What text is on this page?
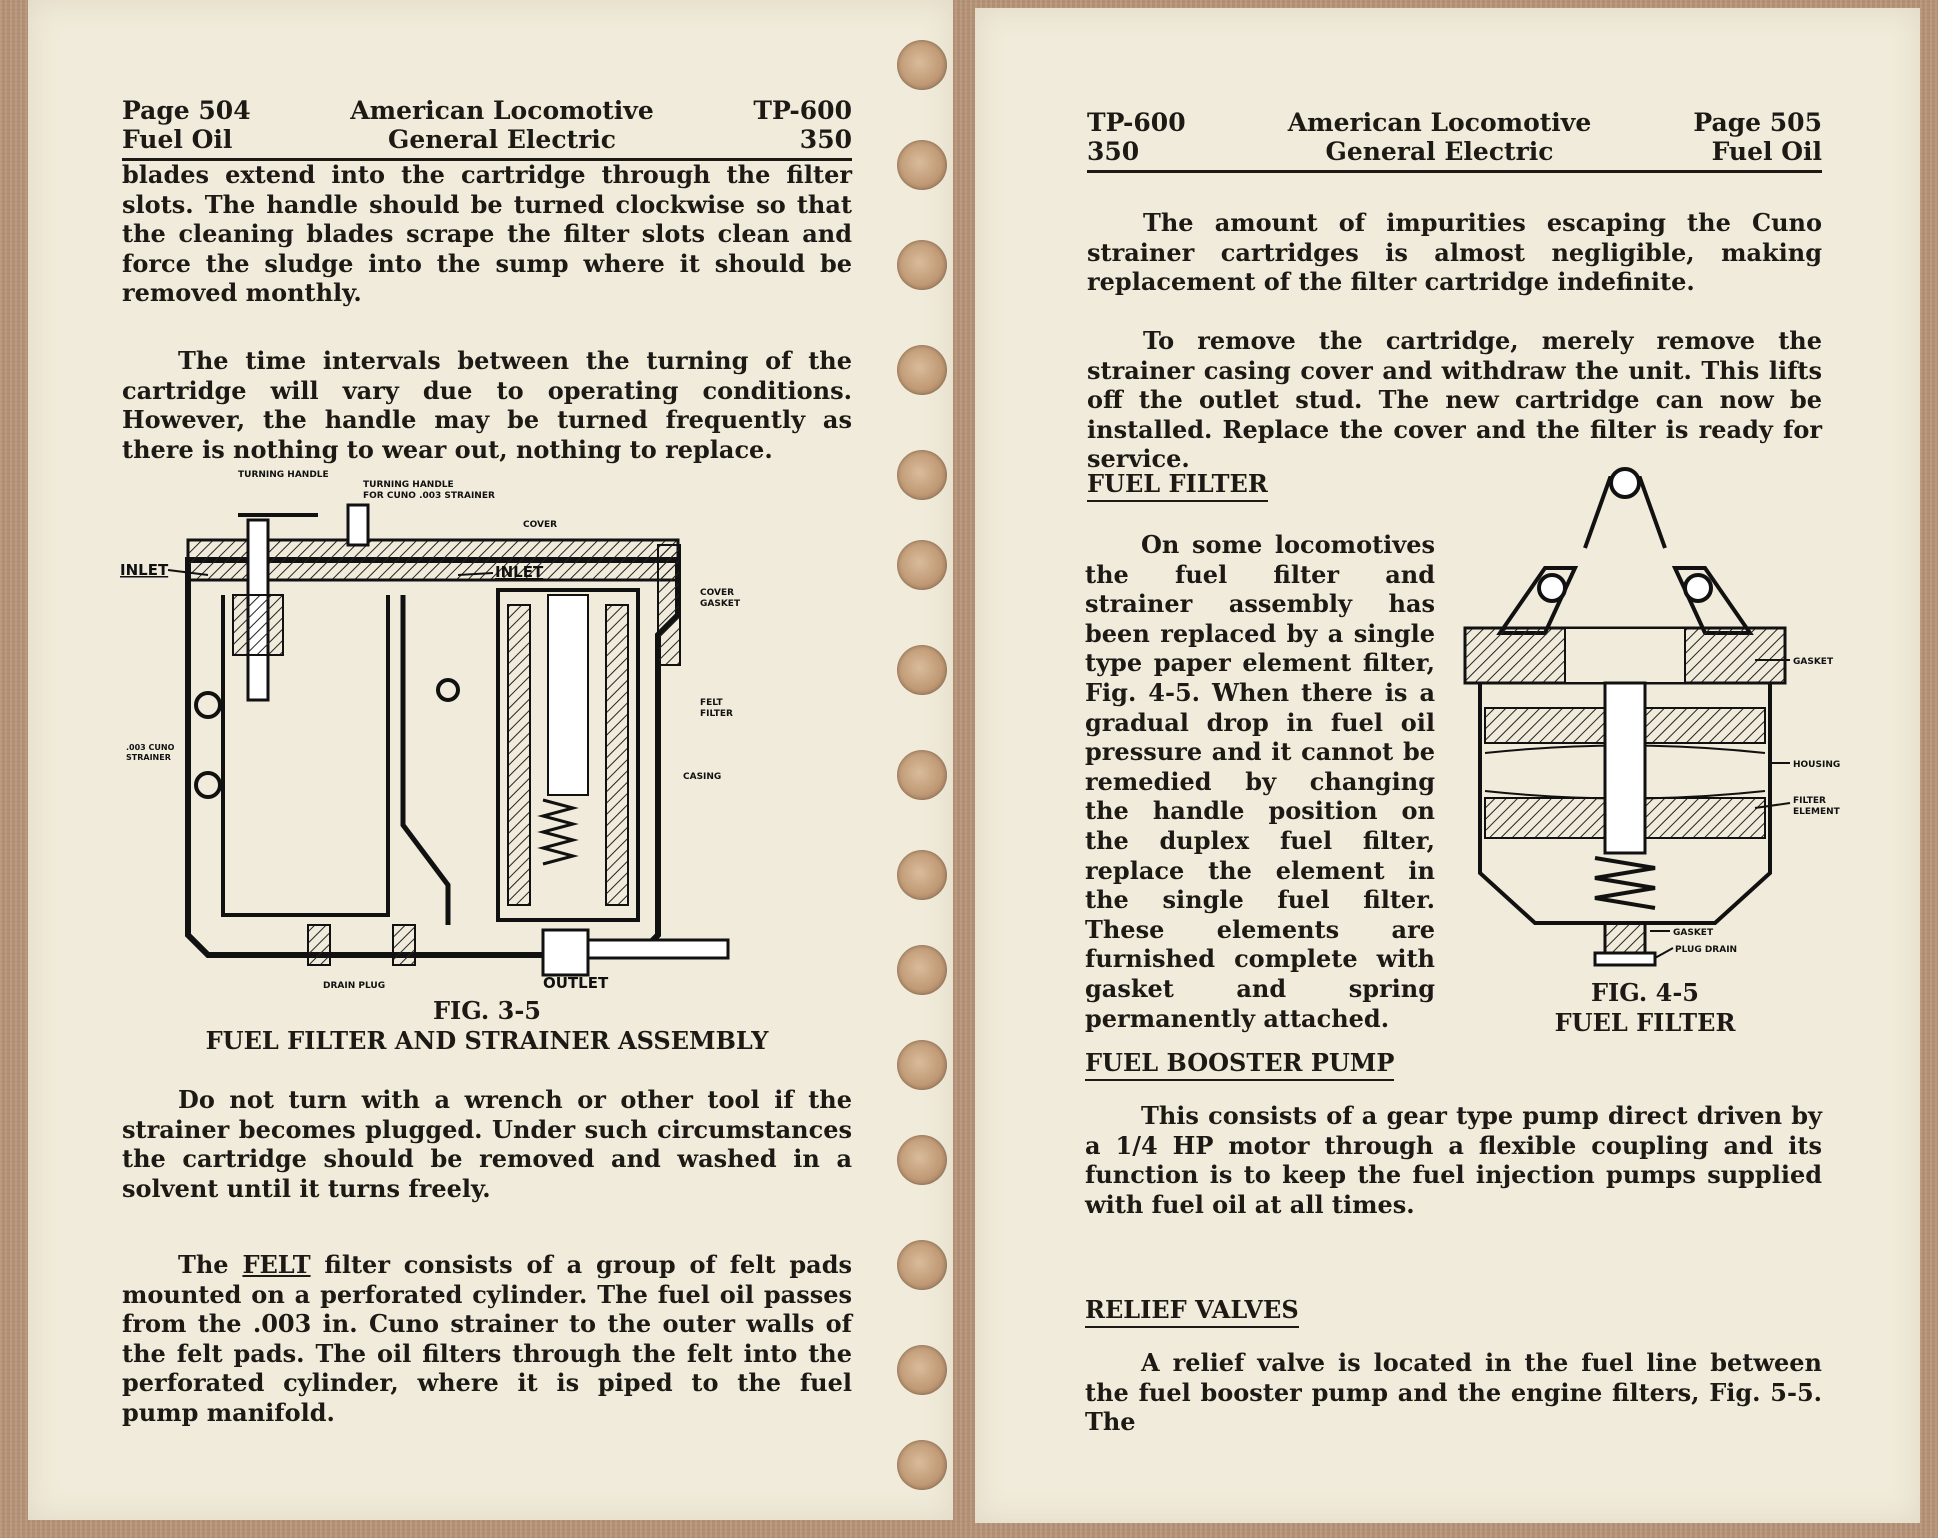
Page 504
Fuel Oil
American Locomotive
General Electric
TP-600
350

blades extend into the cartridge through the filter slots. The handle should be turned clockwise so that the cleaning blades scrape the filter slots clean and force the sludge into the sump where it should be removed monthly.

The time intervals between the turning of the cartridge will vary due to operating conditions. However, the handle may be turned frequently as there is nothing to wear out, nothing to replace.

TURNING HANDLE
TURNING HANDLE
FOR CUNO .003 STRAINER
COVER
INLET	INLET
COVER
GASKET
FELT
FILTER
.003 CUNO
STRAINER
CASING
DRAIN PLUG	OUTLET
FIG. 3-5
FUEL FILTER AND STRAINER ASSEMBLY

Do not turn with a wrench or other tool if the strainer becomes plugged. Under such circumstances the cartridge should be removed and washed in a solvent until it turns freely.

The FELT filter consists of a group of felt pads mounted on a perforated cylinder. The fuel oil passes from the .003 in. Cuno strainer to the outer walls of the felt pads. The oil filters through the felt into the perforated cylinder, where it is piped to the fuel pump manifold.

TP-600
350
American Locomotive
General Electric
Page 505
Fuel Oil

The amount of impurities escaping the Cuno strainer cartridges is almost negligible, making replacement of the filter cartridge indefinite.

To remove the cartridge, merely remove the strainer casing cover and withdraw the unit. This lifts off the outlet stud. The new cartridge can now be installed. Replace the cover and the filter is ready for service.

FUEL FILTER

On some locomotives the fuel filter and strainer assembly has been replaced by a single type paper element filter, Fig. 4-5. When there is a gradual drop in fuel oil pressure and it cannot be remedied by changing the handle position on the duplex fuel filter, replace the element in the single fuel filter. These elements are furnished complete with gasket and spring permanently attached.

GASKET
HOUSING
FILTER
ELEMENT
GASKET
PLUG DRAIN
FIG. 4-5
FUEL FILTER
FUEL BOOSTER PUMP

This consists of a gear type pump direct driven by a 1/4 HP motor through a flexible coupling and its function is to keep the fuel injection pumps supplied with fuel oil at all times.

RELIEF VALVES

A relief valve is located in the fuel line between the fuel booster pump and the engine filters, Fig. 5-5. The
